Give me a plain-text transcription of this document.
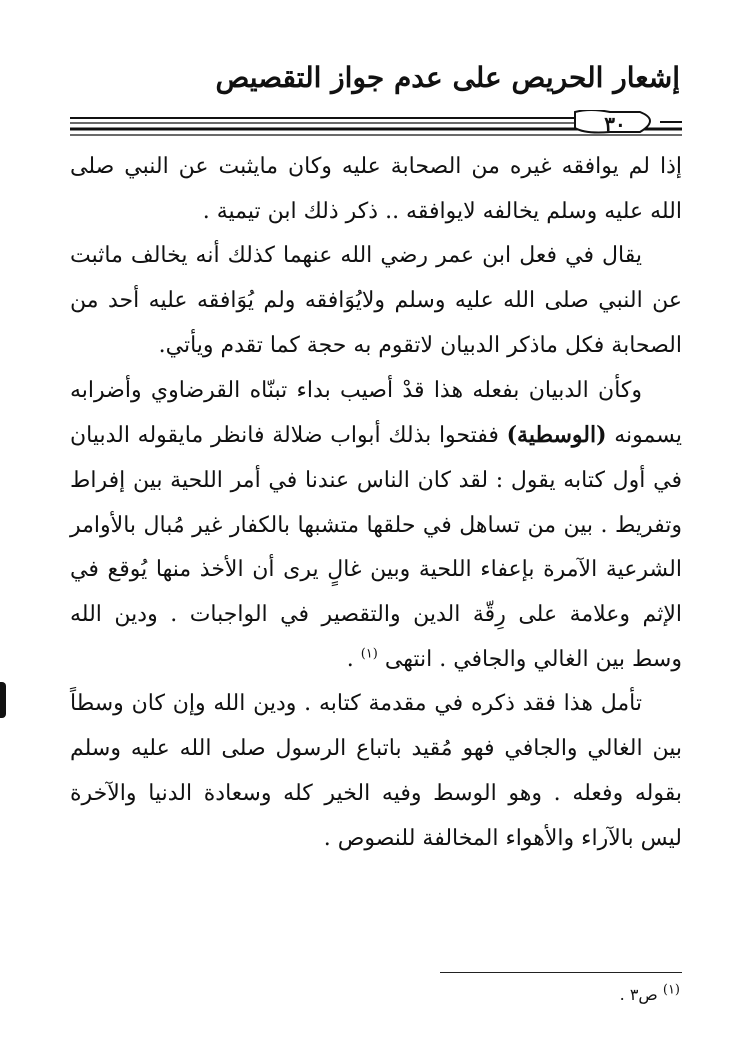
إشعار الحريص على عدم جواز التقصيص
٣٠

إذا لم يوافقه غيره من الصحابة عليه وكان مايثبت عن النبي صلى الله عليه وسلم يخالفه لايوافقه .. ذكر ذلك ابن تيمية .

يقال في فعل ابن عمر رضي الله عنهما كذلك أنه يخالف ماثبت عن النبي صلى الله عليه وسلم ولايُوَافقه ولم يُوَافقه عليه أحد من الصحابة فكل ماذكر الدبيان لاتقوم به حجة كما تقدم ويأتي.

وكأن الدبيان بفعله هذا قدْ أصيب بداء تبنّاه القرضاوي وأضرابه يسمونه (الوسطية) ففتحوا بذلك أبواب ضلالة فانظر مايقوله الدبيان في أول كتابه يقول : لقد كان الناس عندنا في أمر اللحية بين إفراط وتفريط . بين من تساهل في حلقها متشبها بالكفار غير مُبال بالأوامر الشرعية الآمرة بإعفاء اللحية وبين غالٍ يرى أن الأخذ منها يُوقع في الإثم وعلامة على رِقّة الدين والتقصير في الواجبات . ودين الله وسط بين الغالي والجافي . انتهى $^{(١)}$ .

تأمل هذا فقد ذكره في مقدمة كتابه . ودين الله وإن كان وسطاً بين الغالي والجافي فهو مُقيد باتباع الرسول صلى الله عليه وسلم بقوله وفعله . وهو الوسط وفيه الخير كله وسعادة الدنيا والآخرة ليس بالآراء والأهواء المخالفة للنصوص .

$^{(١)}$ ص٣ .
